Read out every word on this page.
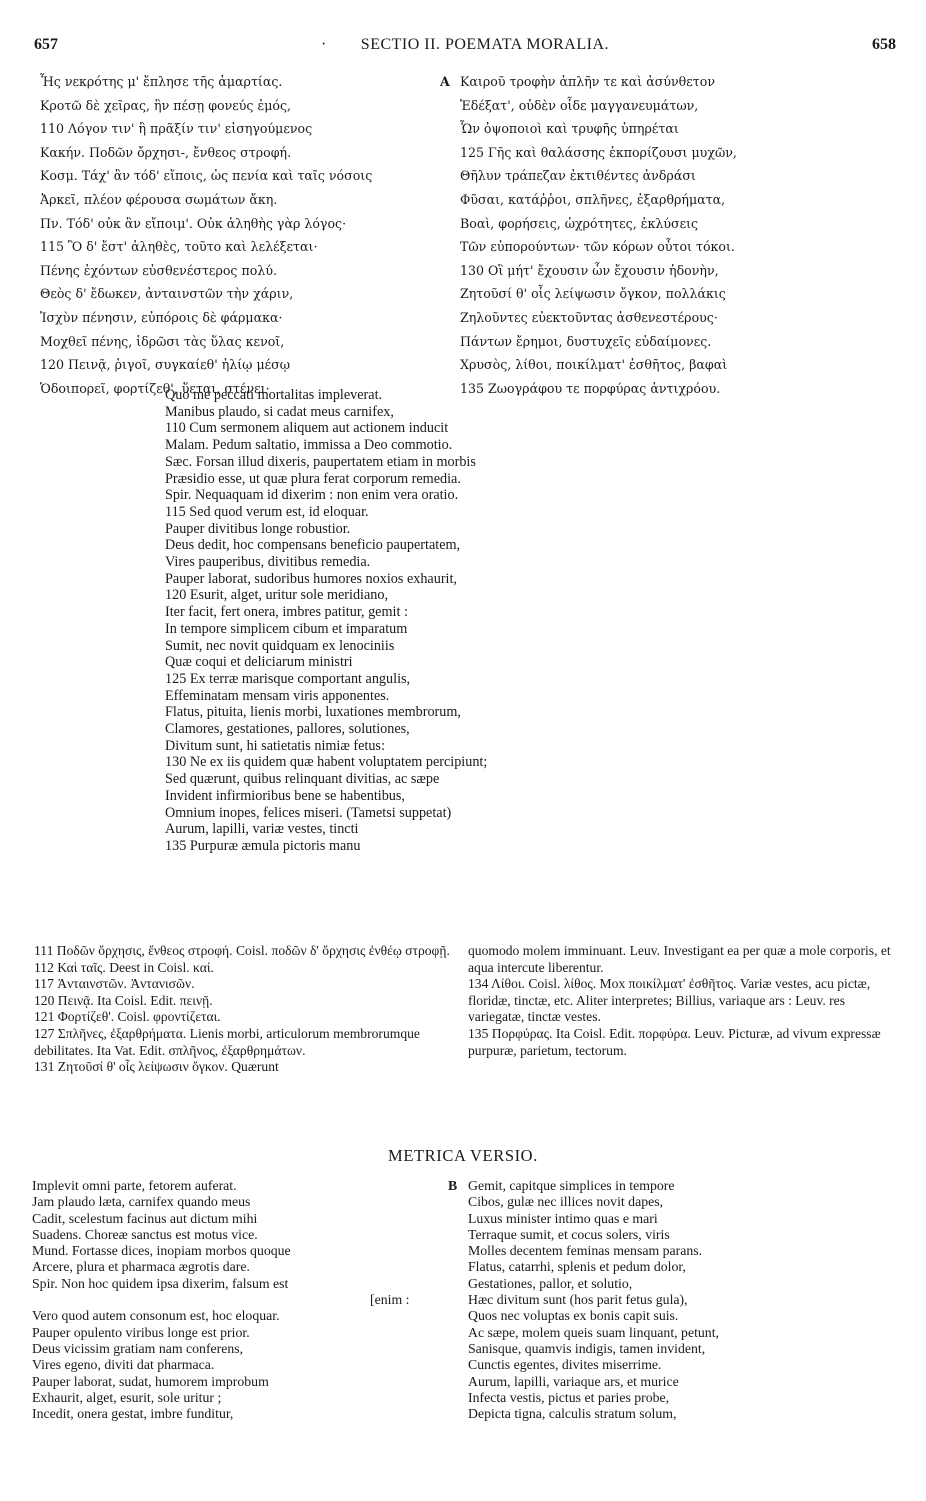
657	· SECTIO II. POEMATA MORALIA.	658
Ἧς νεκρότης μ' ἔπλησε τῆς ἁμαρτίας.
Κροτῶ δὲ χεῖρας, ἣν πέσῃ φονεύς ἐμός,
110 Λόγον τιν' ἢ πρᾶξίν τιν' εἰσηγούμενος
Κακήν. Ποδῶν ὄρχησι-, ἔνθεος στροφή.
Κοσμ. Τάχ' ἂν τόδ' εἴποις, ὡς πενία καὶ ταῖς νόσοις
Ἀρκεῖ, πλέον φέρουσα σωμάτων ἄκη.
Πν. Τόδ' οὐκ ἂν εἴποιμ'. Οὐκ ἀληθὴς γὰρ λόγος·
115 Ὃ δ' ἔστ' ἀληθὲς, τοῦτο καὶ λελέξεται·
Πένης ἐχόντων εὐσθενέστερος πολύ.
Θεὸς δ' ἔδωκεν, ἀνταινστῶν τὴν χάριν,
Ἰσχὺν πένησιν, εὐπόροις δὲ φάρμακα·
Μοχθεῖ πένης, ἱδρῶσι τὰς ὕλας κενοῖ,
120 Πεινᾷ, ῥιγοῖ, συγκαίεθ' ἡλίῳ μέσῳ
Ὁδοιπορεῖ, φορτίζεθ', ὕεται, στένει·
A Καιροῦ τροφὴν ἁπλῆν τε καὶ ἀσύνθετον
Ἐδέξατ', οὐδὲν οἶδε μαγγανευμάτων,
Ὧν ὀψοποιοὶ καὶ τρυφῆς ὑπηρέται
125 Γῆς καὶ θαλάσσης ἐκπορίζουσι μυχῶν,
Θῆλυν τράπεζαν ἐκτιθέντες ἀνδράσι
Φῦσαι, κατάῤῥοι, σπλῆνες, ἐξαρθρήματα,
Βοαὶ, φορήσεις, ὠχρότητες, ἐκλύσεις
Τῶν εὐπορούντων· τῶν κόρων οὗτοι τόκοι.
130 Οἳ μήτ' ἔχουσιν ὧν ἔχουσιν ἡδονὴν,
Ζητοῦσί θ' οἷς λείψωσιν ὄγκον, πολλάκις
Ζηλοῦντες εὐεκτοῦντας ἀσθενεστέρους·
Πάντων ἔρημοι, δυστυχεῖς εὐδαίμονες.
Χρυσὸς, λίθοι, ποικίλματ' ἐσθῆτος, βαφαὶ
135 Ζωογράφου τε πορφύρας ἀντιχρόου.
Quo me peccati mortalitas impleverat.
Manibus plaudo, si cadat meus carnifex,
110 Cum sermonem aliquem aut actionem inducit
Malam. Pedum saltatio, immissa a Deo commotio.
Sæc. Forsan illud dixeris, paupertatem etiam in morbis
Præsidio esse, ut quæ plura ferat corporum remedia.
Spir. Nequaquam id dixerim : non enim vera oratio.
115 Sed quod verum est, id eloquar.
Pauper divitibus longe robustior.
Deus dedit, hoc compensans beneficio paupertatem,
Vires pauperibus, divitibus remedia.
Pauper laborat, sudoribus humores noxios exhaurit,
120 Esurit, alget, uritur sole meridiano,
Iter facit, fert onera, imbres patitur, gemit :
In tempore simplicem cibum et imparatum
Sumit, nec novit quidquam ex lenociniis
Quæ coqui et deliciarum ministri
125 Ex terræ marisque comportant angulis,
Effeminatam mensam viris apponentes.
Flatus, pituita, lienis morbi, luxationes membrorum,
Clamores, gestationes, pallores, solutiones,
Divitum sunt, hi satietatis nimiæ fetus:
130 Ne ex iis quidem quæ habent voluptatem percipiunt;
Sed quærunt, quibus relinquant divitias, ac sæpe
Invident infirmioribus bene se habentibus,
Omnium inopes, felices miseri. (Tametsi suppetat)
Aurum, lapilli, variæ vestes, tincti
135 Purpuræ æmula pictoris manu
111 Ποδῶν ὄρχησις, ἔνθεος στροφή. Coisl. ποδῶν δ' ὄρχησις ἐνθέῳ στροφῇ.
112 Καὶ ταῖς. Deest in Coisl. καί.
117 Ἀνταινστῶν. Ἀντανισῶν.
120 Πεινᾷ. Ita Coisl. Edit. πεινῇ.
121 Φορτίζεθ'. Coisl. φροντίζεται.
127 Σπλῆνες, ἐξαρθρήματα. Lienis morbi, articulorum membrorumque debilitates. Ita Vat. Edit. σπλῆνος, ἐξαρθρημάτων.
131 Ζητοῦσί θ' οἷς λείψωσιν ὄγκον. Quærunt
quomodo molem imminuant. Leuv. Investigant ea per quæ a mole corporis, et aqua intercute liberentur.
134 Λίθοι. Coisl. λίθος. Mox ποικίλματ' ἐσθῆτος. Variæ vestes, acu pictæ, floridæ, tinctæ, etc. Aliter interpretes; Billius, variaque ars : Leuv. res variegatæ, tinctæ vestes.
135 Πορφύρας. Ita Coisl. Edit. πορφύρα. Leuv. Picturæ, ad vivum expressæ purpuræ, parietum, tectorum.
METRICA VERSIO.
Implevit omni parte, fetorem auferat.
Jam plaudo læta, carnifex quando meus
Cadit, scelestum facinus aut dictum mihi
Suadens. Choreæ sanctus est motus vice.
Mund. Fortasse dices, inopiam morbos quoque
Arcere, plura et pharmaca ægrotis dare.
Spir. Non hoc quidem ipsa dixerim, falsum est
[enim :
Vero quod autem consonum est, hoc eloquar.
Pauper opulento viribus longe est prior.
Deus vicissim gratiam nam conferens,
Vires egeno, diviti dat pharmaca.
Pauper laborat, sudat, humorem improbum
Exhaurit, alget, esurit, sole uritur ;
Incedit, onera gestat, imbre funditur,
B Gemit, capitque simplices in tempore
Cibos, gulæ nec illices novit dapes,
Luxus minister intimo quas e mari
Terraque sumit, et cocus solers, viris
Molles decentem feminas mensam parans.
Flatus, catarrhi, splenis et pedum dolor,
Gestationes, pallor, et solutio,
Hæc divitum sunt (hos parit fetus gula),
Quos nec voluptas ex bonis capit suis.
Ac sæpe, molem queis suam linquant, petunt,
Sanisque, quamvis indigis, tamen invident,
Cunctis egentes, divites miserrime.
Aurum, lapilli, variaque ars, et murice
Infecta vestis, pictus et paries probe,
Depicta tigna, calculis stratum solum,
